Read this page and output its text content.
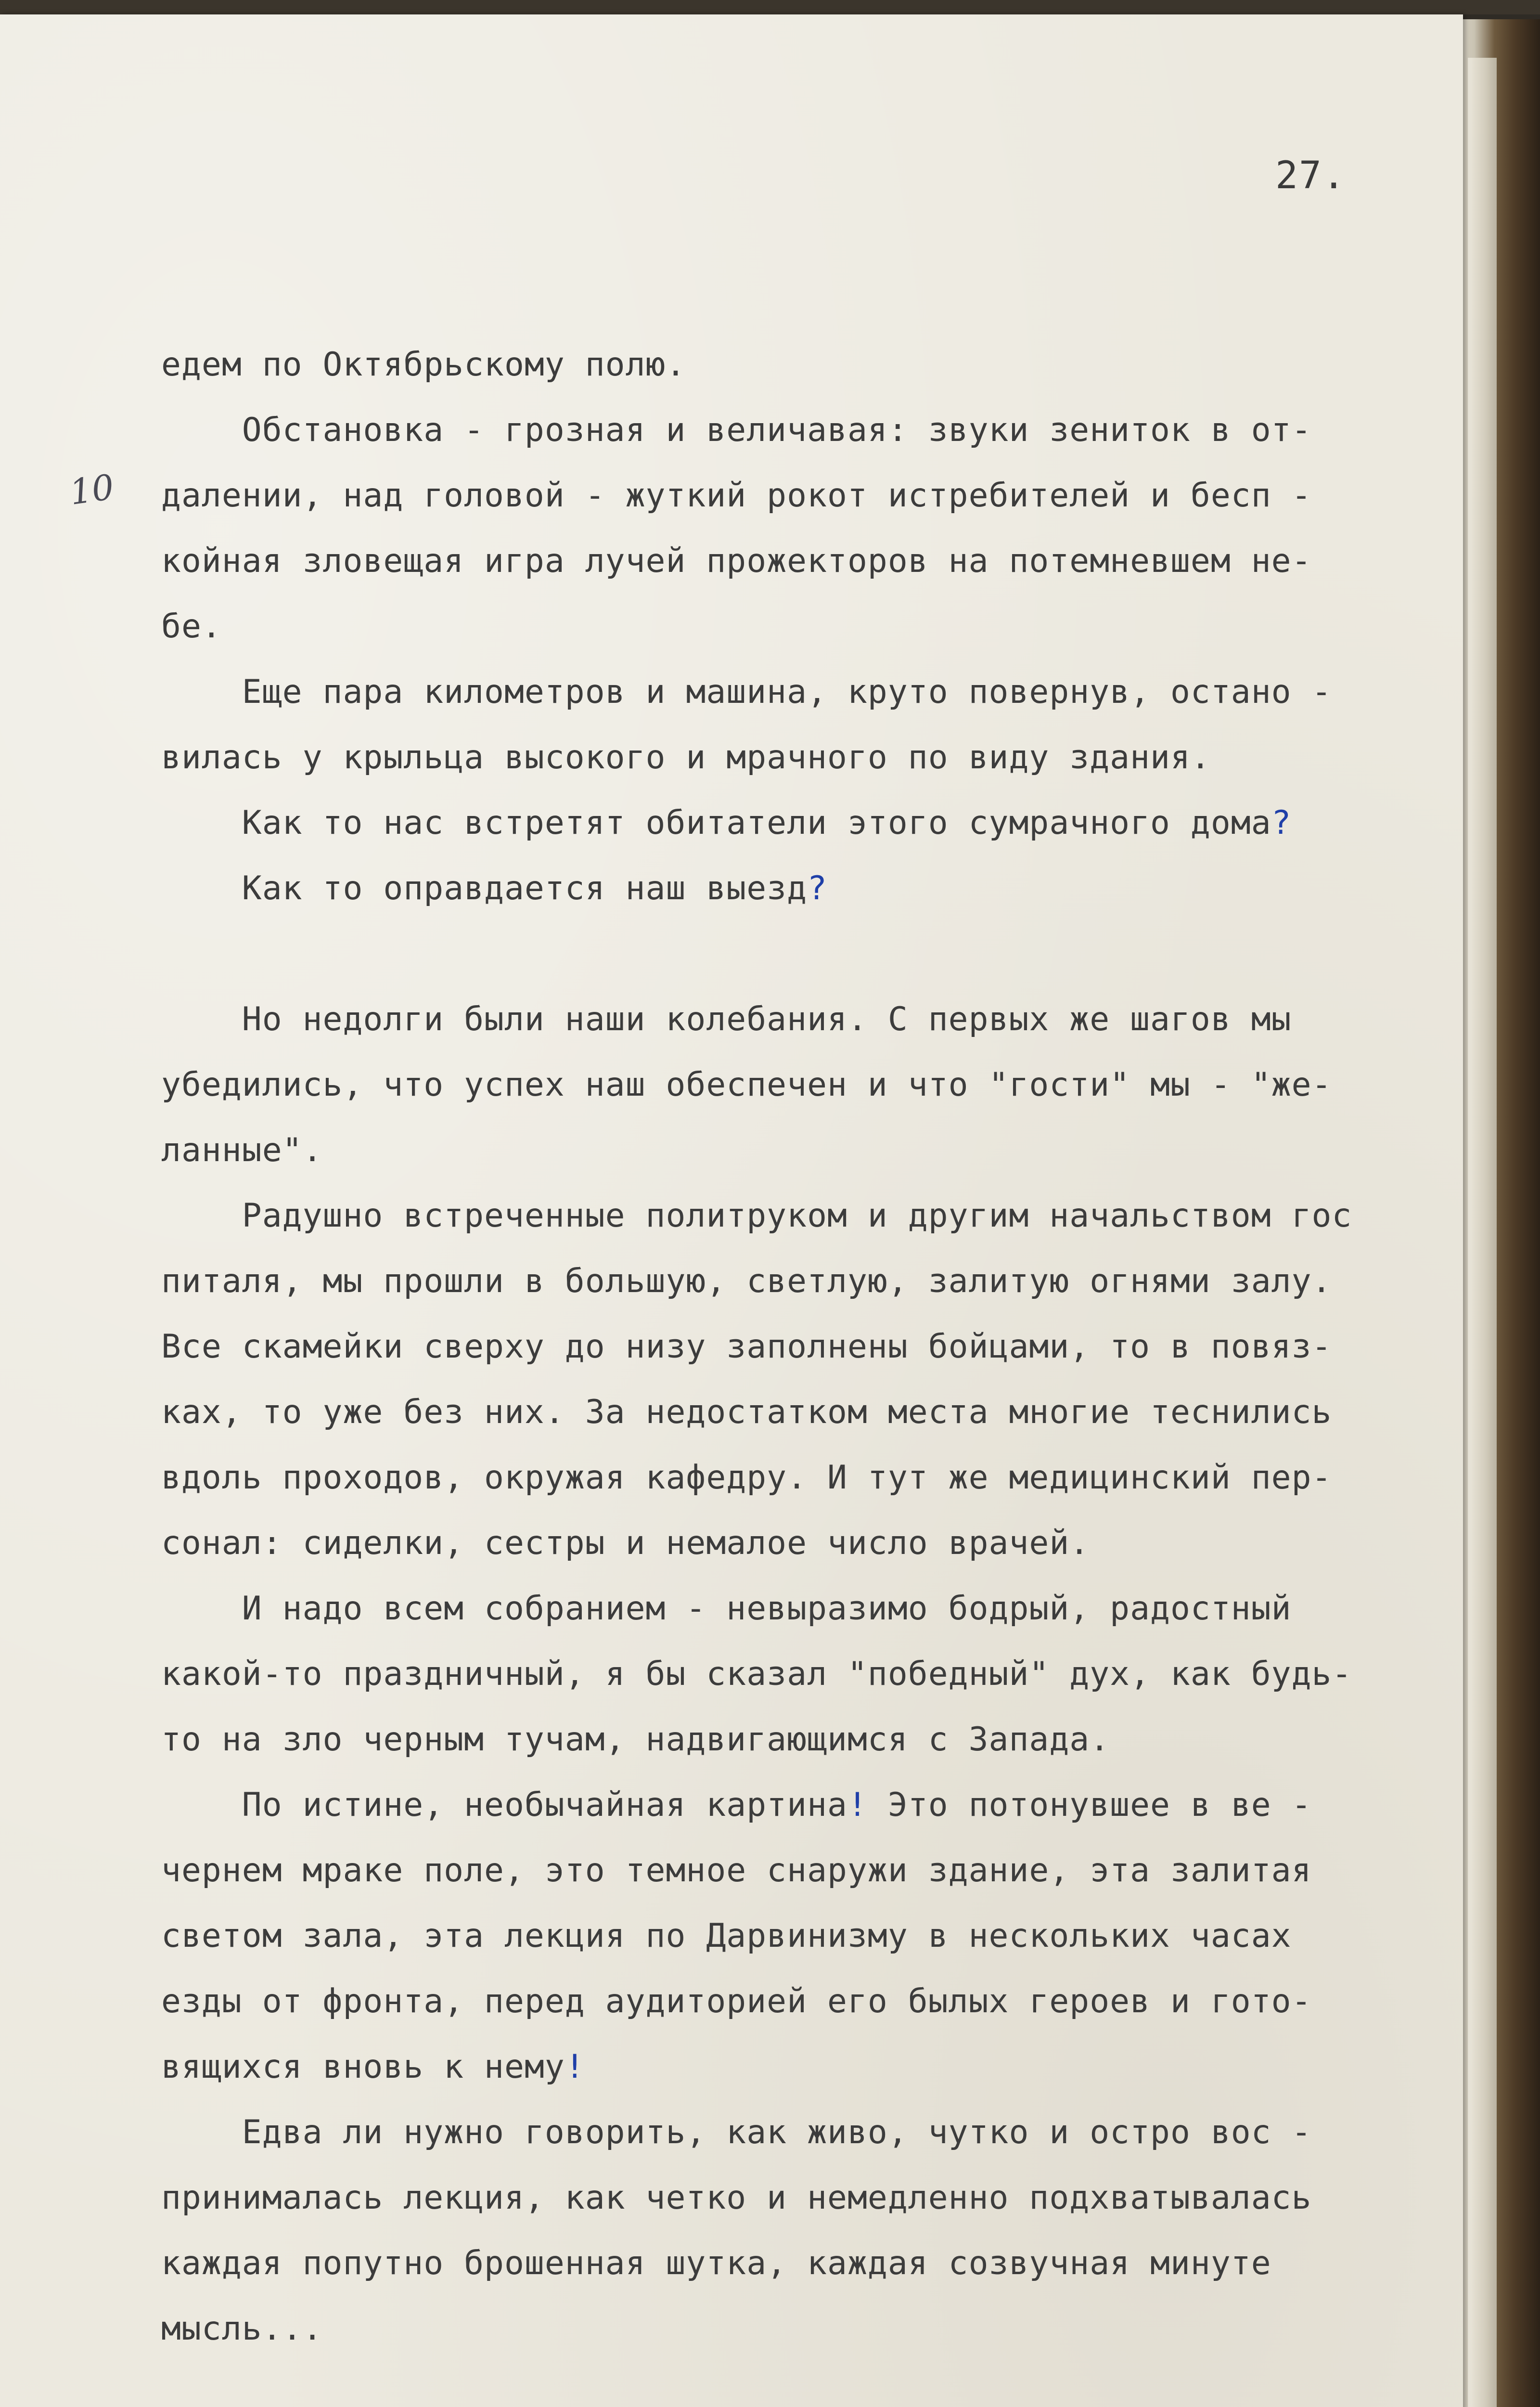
27.
10
едем по Октябрьскому полю.
Обстановка - грозная и величавая: звуки зениток в от-
далении, над головой - жуткий рокот истребителей и бесп -
койная зловещая игра лучей прожекторов на потемневшем не-
бе.
Еще пара километров и машина, круто повернув, остано -
вилась у крыльца высокого и мрачного по виду здания.
Как то нас встретят обитатели этого сумрачного дома?
Как то оправдается наш выезд?
Но недолги были наши колебания. С первых же шагов мы
убедились, что успех наш обеспечен и что "гости" мы - "же-
ланные".
Радушно встреченные политруком и другим начальством гос
питаля, мы прошли в большую, светлую, залитую огнями залу.
Все скамейки сверху до низу заполнены бойцами, то в повяз-
ках, то уже без них. За недостатком места многие теснились
вдоль проходов, окружая кафедру. И тут же медицинский пер-
сонал: сиделки, сестры и немалое число врачей.
И надо всем собранием - невыразимо бодрый, радостный
какой-то праздничный, я бы сказал "победный" дух, как будь-
то на зло черным тучам, надвигающимся с Запада.
По истине, необычайная картина! Это потонувшее в ве -
чернем мраке поле, это темное снаружи здание, эта залитая
светом зала, эта лекция по Дарвинизму в нескольких часах
езды от фронта, перед аудиторией его былых героев и гото-
вящихся вновь к нему!
Едва ли нужно говорить, как живо, чутко и остро вос -
принималась лекция, как четко и немедленно подхватывалась
каждая попутно брошенная шутка, каждая созвучная минуте
мысль...
